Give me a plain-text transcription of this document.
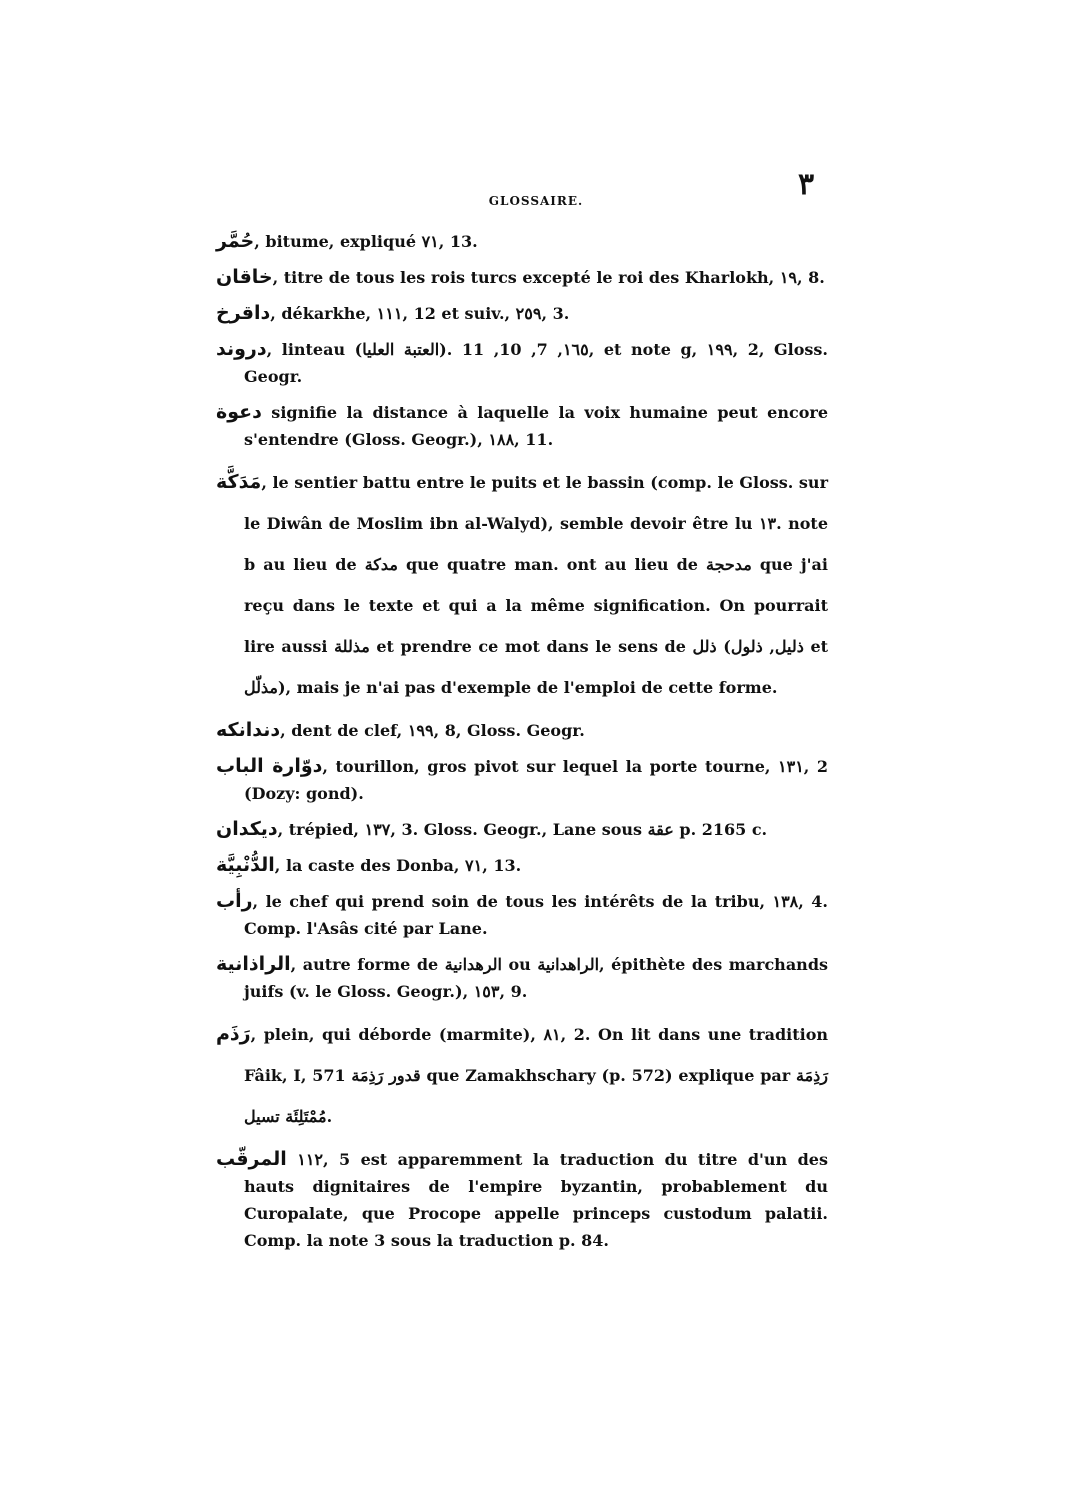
٣
GLOSSAIRE.

حُمَّر, bitume, expliqué ٧١, 13.

خاقان, titre de tous les rois turcs excepté le roi des Kharlokh, ١٩, 8.

داقرخ, dékarkhe, ١١١, 12 et suiv., ٢٥٩, 3.

دروند, linteau (العتبة العليا). ١٦٥, 7, 10, 11, et note g, ١٩٩, 2, Gloss. Geogr.

دعوة signifie la distance à laquelle la voix humaine peut encore s'entendre (Gloss. Geogr.), ١٨٨, 11.

مَدَكَّة, le sentier battu entre le puits et le bassin (comp. le Gloss. sur le Diwân de Moslim ibn al-Walyd), semble devoir être lu ١٣. note b au lieu de مدكة que quatre man. ont au lieu de مدحجة que j'ai reçu dans le texte et qui a la même signification. On pourrait lire aussi مذللة et prendre ce mot dans le sens de ذلل (ذليل, ذلول et مذلّل), mais je n'ai pas d'exemple de l'emploi de cette forme.

دندانكه, dent de clef, ١٩٩, 8, Gloss. Geogr.

دوّارة الباب, tourillon, gros pivot sur lequel la porte tourne, ١٣١, 2 (Dozy: gond).

ديكدان, trépied, ١٣٧, 3. Gloss. Geogr., Lane sous عقة p. 2165 c.

الدُّنْبِيَّة, la caste des Donba, ٧١, 13.

رأب, le chef qui prend soin de tous les intérêts de la tribu, ١٣٨, 4. Comp. l'Asâs cité par Lane.

الراذانية, autre forme de الرهدانية ou الراهدانية, épithète des marchands juifs (v. le Gloss. Geogr.), ١٥٣, 9.

رَذَم, plein, qui déborde (marmite), ٨١, 2. On lit dans une tradition Fâik, I, 571 قدور رَذِمَة que Zamakhschary (p. 572) explique par رَذِمَة مُمْتَلِئَة تسيل.

المرقّب ١١٢, 5 est apparemment la traduction du titre d'un des hauts dignitaires de l'empire byzantin, probablement du Curopalate, que Procope appelle princeps custodum palatii. Comp. la note 3 sous la traduction p. 84.
